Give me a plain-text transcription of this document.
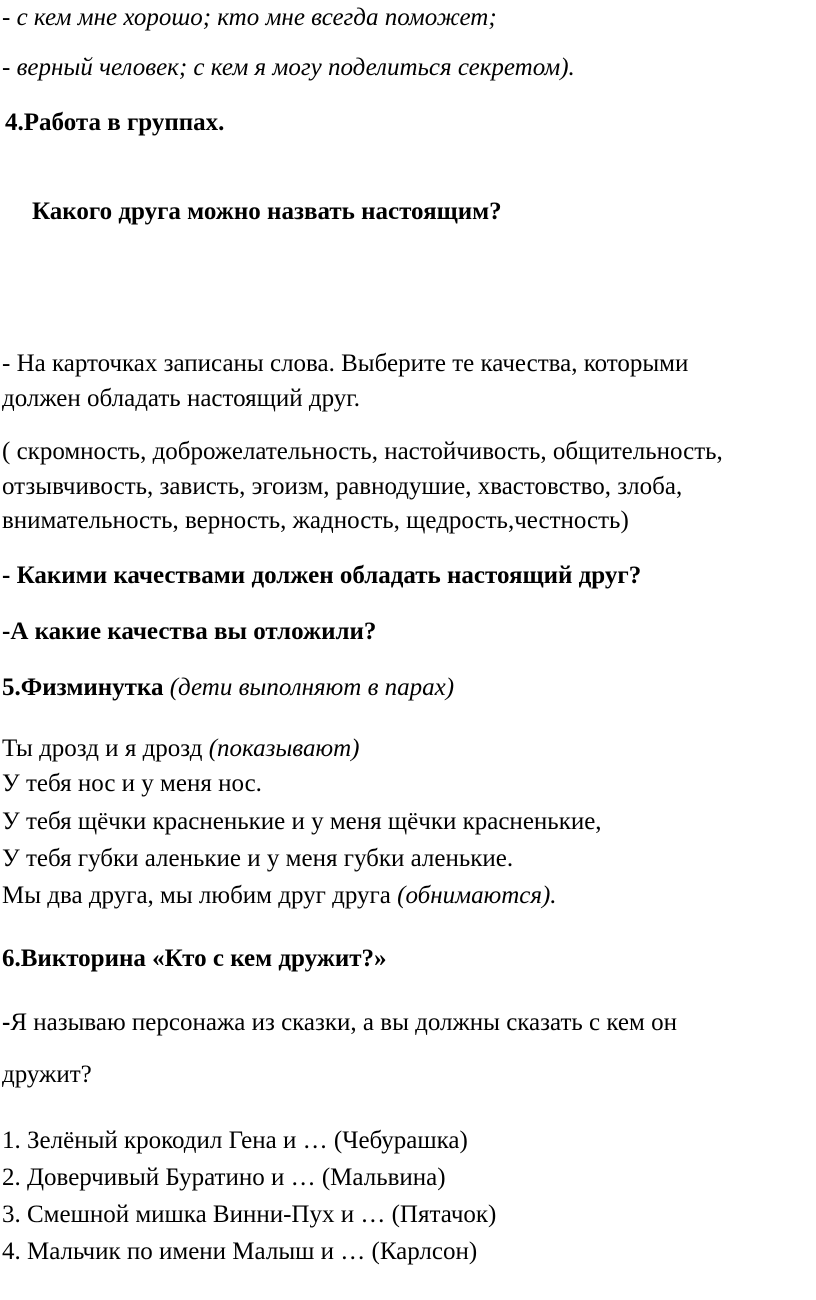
- с кем мне хорошо; кто мне всегда поможет;
- верный человек; с кем я могу поделиться секретом).
4.Работа в группах.
Какого друга можно назвать настоящим?
- На карточках записаны слова. Выберите те качества, которыми
должен обладать настоящий друг.
( скромность, доброжелательность, настойчивость, общительность,
отзывчивость, зависть, эгоизм, равнодушие, хвастовство, злоба,
внимательность, верность, жадность, щедрость,честность)
- Какими качествами должен обладать настоящий друг?
-А какие качества вы отложили?
5.Физминутка (дети выполняют в парах)
Ты дрозд и я дрозд (показывают)
У тебя нос и у меня нос.
У тебя щёчки красненькие и у меня щёчки красненькие,
У тебя губки аленькие и у меня губки аленькие.
Мы два друга, мы любим друг друга (обнимаются).
6.Викторина «Кто с кем дружит?»
-Я называю персонажа из сказки, а вы должны сказать с кем он
дружит?
1. Зелёный крокодил Гена и … (Чебурашка)
2. Доверчивый Буратино и … (Мальвина)
3. Смешной мишка Винни-Пух и … (Пятачок)
4. Мальчик по имени Малыш и … (Карлсон)
